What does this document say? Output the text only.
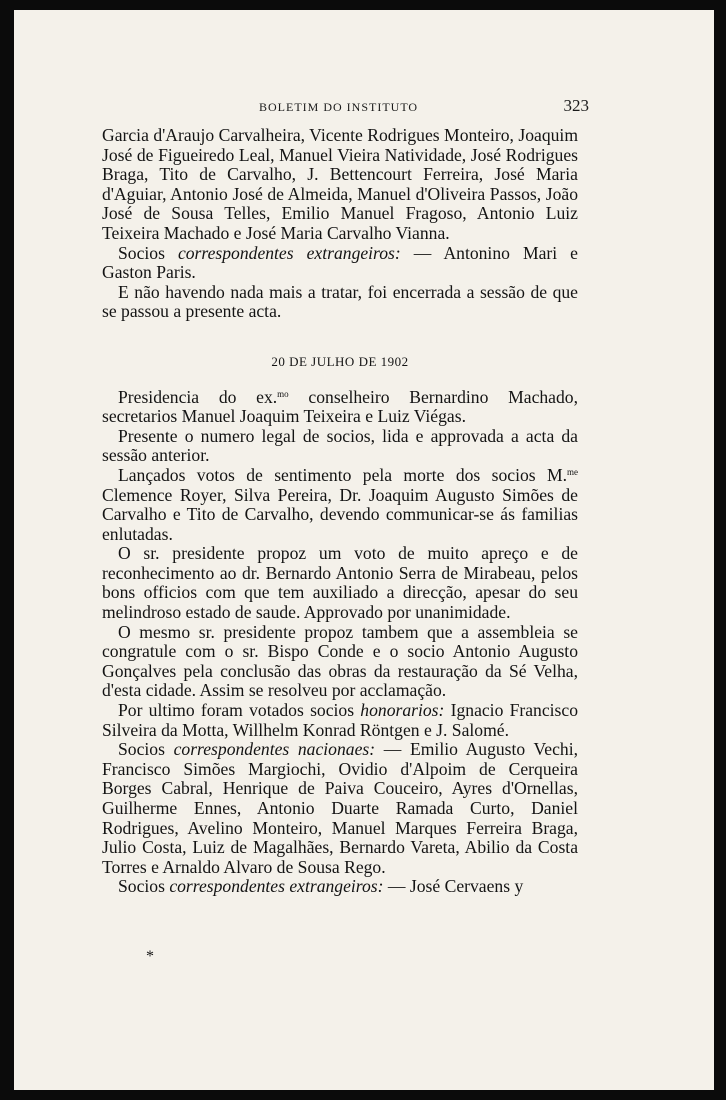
BOLETIM DO INSTITUTO	323

Garcia d'Araujo Carvalheira, Vicente Rodrigues Monteiro, Joaquim José de Figueiredo Leal, Manuel Vieira Natividade, José Rodrigues Braga, Tito de Carvalho, J. Bettencourt Ferreira, José Maria d'Aguiar, Antonio José de Almeida, Manuel d'Oliveira Passos, João José de Sousa Telles, Emilio Manuel Fragoso, Antonio Luiz Teixeira Machado e José Maria Carvalho Vianna.

Socios correspondentes extrangeiros: — Antonino Mari e Gaston Paris.

E não havendo nada mais a tratar, foi encerrada a sessão de que se passou a presente acta.

20 DE JULHO DE 1902

Presidencia do ex.$^{mo}$ conselheiro Bernardino Machado, secretarios Manuel Joaquim Teixeira e Luiz Viégas.

Presente o numero legal de socios, lida e approvada a acta da sessão anterior.

Lançados votos de sentimento pela morte dos socios M.$^{me}$ Clemence Royer, Silva Pereira, Dr. Joaquim Augusto Simões de Carvalho e Tito de Carvalho, devendo communicar-se ás familias enlutadas.

O sr. presidente propoz um voto de muito apreço e de reconhecimento ao dr. Bernardo Antonio Serra de Mirabeau, pelos bons officios com que tem auxiliado a direcção, apesar do seu melindroso estado de saude. Approvado por unanimidade.

O mesmo sr. presidente propoz tambem que a assembleia se congratule com o sr. Bispo Conde e o socio Antonio Augusto Gonçalves pela conclusão das obras da restauração da Sé Velha, d'esta cidade. Assim se resolveu por acclamação.

Por ultimo foram votados socios honorarios: Ignacio Francisco Silveira da Motta, Willhelm Konrad Röntgen e J. Salomé.

Socios correspondentes nacionaes: — Emilio Augusto Vechi, Francisco Simões Margiochi, Ovidio d'Alpoim de Cerqueira Borges Cabral, Henrique de Paiva Couceiro, Ayres d'Ornellas, Guilherme Ennes, Antonio Duarte Ramada Curto, Daniel Rodrigues, Avelino Monteiro, Manuel Marques Ferreira Braga, Julio Costa, Luiz de Magalhães, Bernardo Vareta, Abilio da Costa Torres e Arnaldo Alvaro de Sousa Rego.

Socios correspondentes extrangeiros: — José Cervaens y

*
